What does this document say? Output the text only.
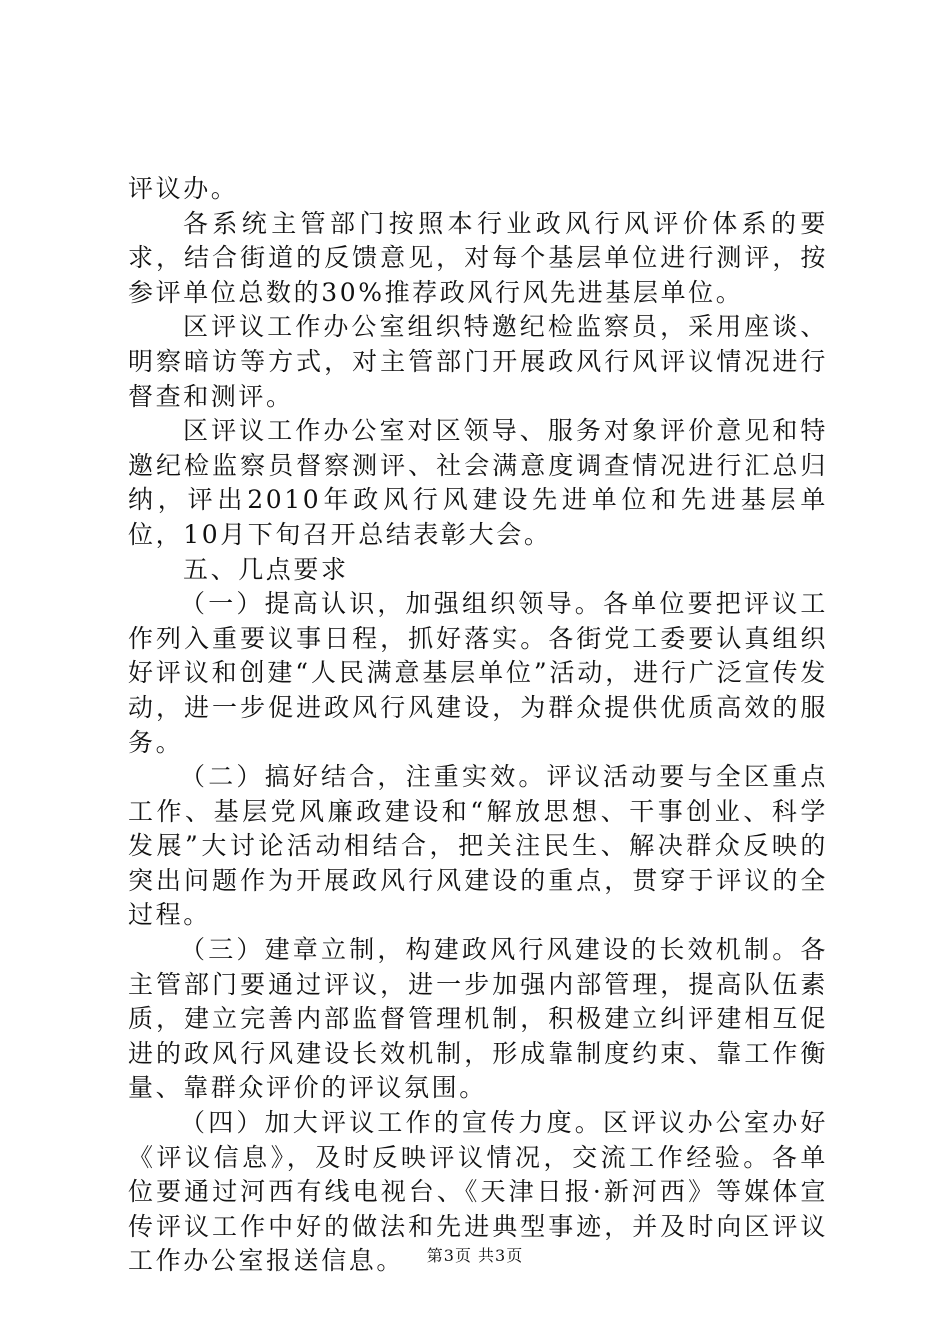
评议办。

各系统主管部门按照本行业政风行风评价体系的要求，结合街道的反馈意见，对每个基层单位进行测评，按参评单位总数的30%推荐政风行风先进基层单位。

区评议工作办公室组织特邀纪检监察员，采用座谈、明察暗访等方式，对主管部门开展政风行风评议情况进行督查和测评。

区评议工作办公室对区领导、服务对象评价意见和特邀纪检监察员督察测评、社会满意度调查情况进行汇总归纳，评出2010年政风行风建设先进单位和先进基层单位，10月下旬召开总结表彰大会。

五、几点要求

（一）提高认识，加强组织领导。各单位要把评议工作列入重要议事日程，抓好落实。各街党工委要认真组织好评议和创建“人民满意基层单位”活动，进行广泛宣传发动，进一步促进政风行风建设，为群众提供优质高效的服务。

（二）搞好结合，注重实效。评议活动要与全区重点工作、基层党风廉政建设和“解放思想、干事创业、科学发展”大讨论活动相结合，把关注民生、解决群众反映的突出问题作为开展政风行风建设的重点，贯穿于评议的全过程。

（三）建章立制，构建政风行风建设的长效机制。各主管部门要通过评议，进一步加强内部管理，提高队伍素质，建立完善内部监督管理机制，积极建立纠评建相互促进的政风行风建设长效机制，形成靠制度约束、靠工作衡量、靠群众评价的评议氛围。

（四）加大评议工作的宣传力度。区评议办公室办好《评议信息》，及时反映评议情况，交流工作经验。各单位要通过河西有线电视台、《天津日报·新河西》等媒体宣传评议工作中好的做法和先进典型事迹，并及时向区评议工作办公室报送信息。	第3页 共3页
